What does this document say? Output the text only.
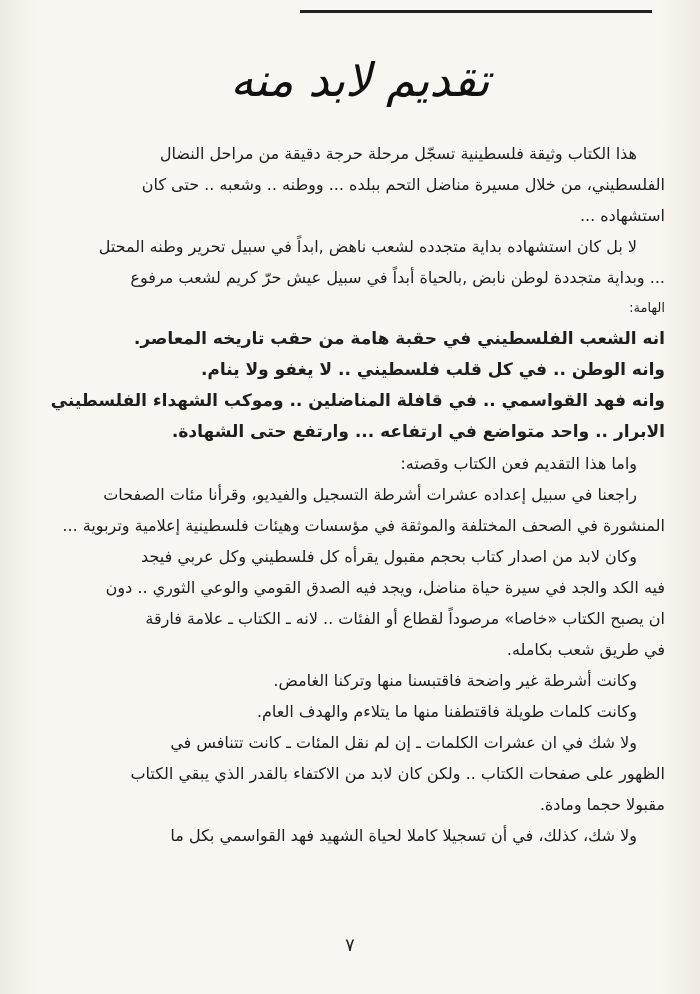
تقديم لابد منه
هذا الكتاب وثيقة فلسطينية تسجّل مرحلة حرجة دقيقة من مراحل النضال
الفلسطيني، من خلال مسيرة مناضل التحم ببلده ... ووطنه .. وشعبه .. حتى كان
استشهاده ...
لا بل كان استشهاده بداية متجدده لشعب ناهض ,ابداً في سبيل تحرير وطنه المحتل
... وبداية متجددة لوطن نابض ,بالحياة أبداً في سبيل عيش حرّ كريم لشعب مرفوع
الهامة:
انه الشعب الفلسطيني في حقبة هامة من حقب تاريخه المعاصر.
وانه الوطن .. في كل قلب فلسطيني .. لا يغفو ولا ينام.
وانه فهد القواسمي .. في قافلة المناضلين .. وموكب الشهداء الفلسطيني
الابرار .. واحد متواضع في ارتفاعه ... وارتفع حتى الشهادة.
واما هذا التقديم فعن الكتاب وقصته:
راجعنا في سبيل إعداده عشرات أشرطة التسجيل والفيديو، وقرأنا مئات الصفحات
المنشورة في الصحف المختلفة والموثقة في مؤسسات وهيئات فلسطينية إعلامية وتربوية ...
وكان لابد من اصدار كتاب بحجم مقبول يقرأه كل فلسطيني وكل عربي فيجد
فيه الكد والجد في سيرة حياة مناضل، ويجد فيه الصدق القومي والوعي الثوري .. دون
ان يصبح الكتاب «خاصا» مرصوداً لقطاع أو الفئات .. لانه ـ الكتاب ـ علامة فارقة
في طريق شعب بكامله.
وكانت أشرطة غير واضحة فاقتبسنا منها وتركنا الغامض.
وكانت كلمات طويلة فاقتطفنا منها ما يتلاءم والهدف العام.
ولا شك في ان عشرات الكلمات ـ إن لم نقل المئات ـ كانت تتنافس في
الظهور على صفحات الكتاب .. ولكن كان لابد من الاكتفاء بالقدر الذي يبقي الكتاب
مقبولا حجما ومادة.
ولا شك، كذلك، في أن تسجيلا كاملا لحياة الشهيد فهد القواسمي بكل ما
٧
